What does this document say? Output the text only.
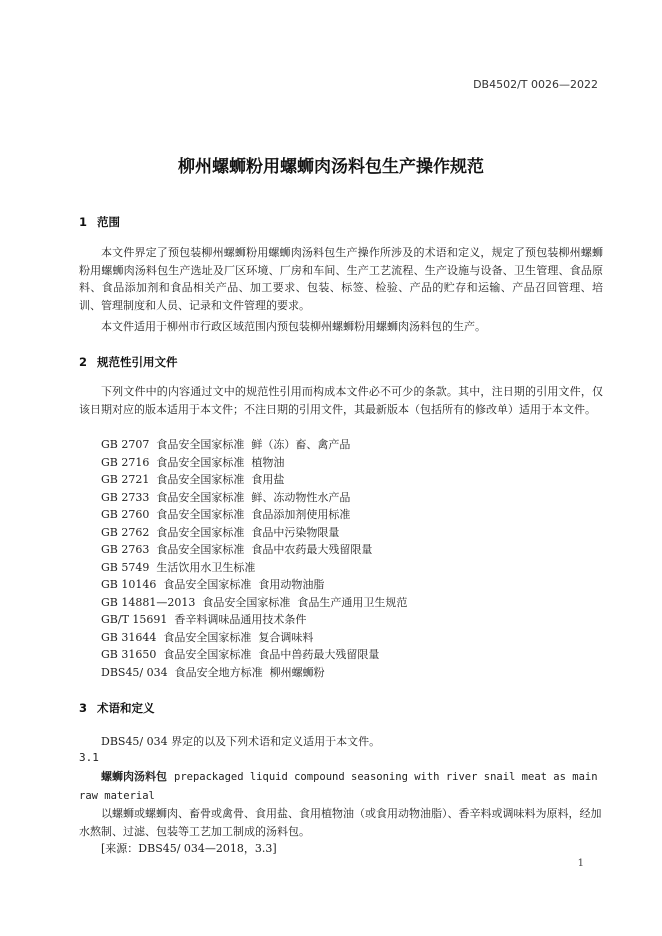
DB4502/T 0026—2022
柳州螺蛳粉用螺蛳肉汤料包生产操作规范
1 范围
本文件界定了预包装柳州螺蛳粉用螺蛳肉汤料包生产操作所涉及的术语和定义，规定了预包装柳州螺蛳粉用螺蛳肉汤料包生产选址及厂区环境、厂房和车间、生产工艺流程、生产设施与设备、卫生管理、食品原料、食品添加剂和食品相关产品、加工要求、包装、标签、检验、产品的贮存和运输、产品召回管理、培训、管理制度和人员、记录和文件管理的要求。
本文件适用于柳州市行政区域范围内预包装柳州螺蛳粉用螺蛳肉汤料包的生产。
2 规范性引用文件
下列文件中的内容通过文中的规范性引用而构成本文件必不可少的条款。其中，注日期的引用文件，仅该日期对应的版本适用于本文件；不注日期的引用文件，其最新版本（包括所有的修改单）适用于本文件。
GB 2707  食品安全国家标准  鲜（冻）畜、禽产品
GB 2716  食品安全国家标准  植物油
GB 2721  食品安全国家标准  食用盐
GB 2733  食品安全国家标准  鲜、冻动物性水产品
GB 2760  食品安全国家标准  食品添加剂使用标准
GB 2762  食品安全国家标准  食品中污染物限量
GB 2763  食品安全国家标准  食品中农药最大残留限量
GB 5749  生活饮用水卫生标准
GB 10146  食品安全国家标准  食用动物油脂
GB 14881—2013  食品安全国家标准  食品生产通用卫生规范
GB/T 15691  香辛料调味品通用技术条件
GB 31644  食品安全国家标准  复合调味料
GB 31650  食品安全国家标准  食品中兽药最大残留限量
DBS45/ 034  食品安全地方标准  柳州螺蛳粉
3 术语和定义
DBS45/ 034 界定的以及下列术语和定义适用于本文件。
3.1
螺蛳肉汤料包 prepackaged liquid compound seasoning with river snail meat as main raw material
以螺蛳或螺蛳肉、畜骨或禽骨、食用盐、食用植物油（或食用动物油脂）、香辛料或调味料为原料，经加水熬制、过滤、包装等工艺加工制成的汤料包。
[来源：DBS45/ 034—2018，3.3]
1
